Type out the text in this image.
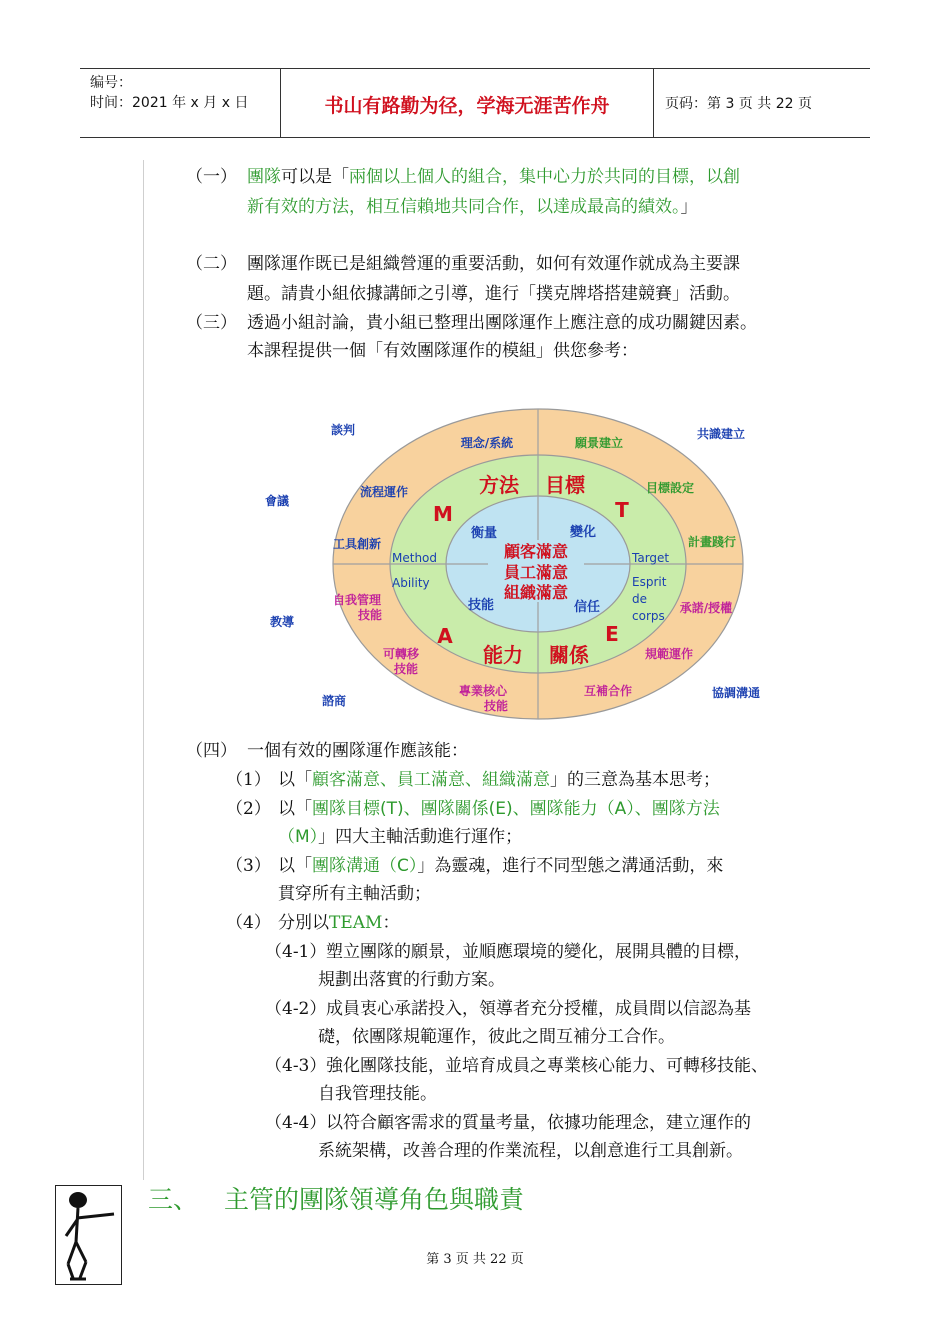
编号：
时间：2021 年 x 月 x 日	书山有路勤为径，学海无涯苦作舟	页码：第 3 页 共 22 页
（一） 團隊可以是「兩個以上個人的組合，集中心力於共同的目標，以創
新有效的方法，相互信賴地共同合作，以達成最高的績效。」
（二） 團隊運作既已是組織營運的重要活動，如何有效運作就成為主要課
題。請貴小組依據講師之引導，進行「撲克牌塔搭建競賽」活動。
（三） 透過小組討論，貴小組已整理出團隊運作上應注意的成功關鍵因素。
本課程提供一個「有效團隊運作的模組」供您參考：
顧客滿意
員工滿意
組織滿意
方法 目標
能力 關係
M	T
A	E
衡量	變化
技能	信任
Method
Ability
Target
Esprit
de
corps
理念/系統	願景建立
流程運作	目標設定
工具創新	計畫踐行
自我管理
技能	承諾/授權
可轉移
技能
規範運作
專業核心
技能
互補合作
談判	共識建立
會議
教導
諮商
協調溝通
（四） 一個有效的團隊運作應該能：
（1） 以「顧客滿意、員工滿意、組織滿意」的三意為基本思考；
（2） 以「團隊目標(T)、團隊關係(E)、團隊能力（A）、團隊方法
（M）」四大主軸活動進行運作；
（3） 以「團隊溝通（C）」為靈魂，進行不同型態之溝通活動，來
貫穿所有主軸活動；
（4） 分別以TEAM：
（4-1） 塑立團隊的願景，並順應環境的變化，展開具體的目標，
規劃出落實的行動方案。
（4-2） 成員衷心承諾投入，領導者充分授權，成員間以信認為基
礎，依團隊規範運作，彼此之間互補分工合作。
（4-3） 強化團隊技能，並培育成員之專業核心能力、可轉移技能、
自我管理技能。
（4-4） 以符合顧客需求的質量考量，依據功能理念，建立運作的
系統架構，改善合理的作業流程，以創意進行工具創新。
三、 主管的團隊領導角色與職責
第 3 页 共 22 页
